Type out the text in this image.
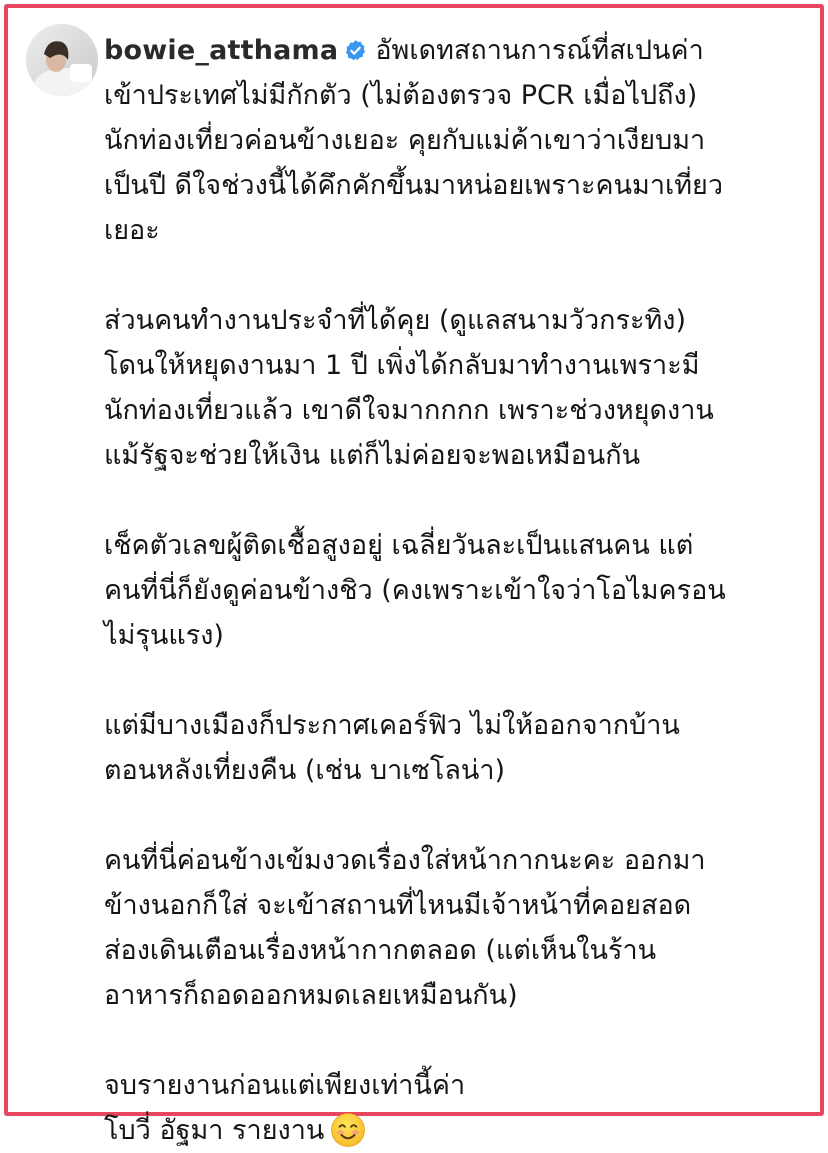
bowie_atthama อัพเดทสถานการณ์ที่สเปนค่า

เข้าประเทศไม่มีกักตัว (ไม่ต้องตรวจ PCR เมื่อไปถึง)

นักท่องเที่ยวค่อนข้างเยอะ คุยกับแม่ค้าเขาว่าเงียบมา

เป็นปี ดีใจช่วงนี้ได้คึกคักขึ้นมาหน่อยเพราะคนมาเที่ยว

เยอะ

ส่วนคนทำงานประจำที่ได้คุย (ดูแลสนามวัวกระทิง)

โดนให้หยุดงานมา 1 ปี เพิ่งได้กลับมาทำงานเพราะมี

นักท่องเที่ยวแล้ว เขาดีใจมากกกก เพราะช่วงหยุดงาน

แม้รัฐจะช่วยให้เงิน แต่ก็ไม่ค่อยจะพอเหมือนกัน

เช็คตัวเลขผู้ติดเชื้อสูงอยู่ เฉลี่ยวันละเป็นแสนคน แต่

คนที่นี่ก็ยังดูค่อนข้างชิว (คงเพราะเข้าใจว่าโอไมครอน

ไม่รุนแรง)

แต่มีบางเมืองก็ประกาศเคอร์ฟิว ไม่ให้ออกจากบ้าน

ตอนหลังเที่ยงคืน (เช่น บาเซโลน่า)

คนที่นี่ค่อนข้างเข้มงวดเรื่องใส่หน้ากากนะคะ ออกมา

ข้างนอกก็ใส่ จะเข้าสถานที่ไหนมีเจ้าหน้าที่คอยสอด

ส่องเดินเตือนเรื่องหน้ากากตลอด (แต่เห็นในร้าน

อาหารก็ถอดออกหมดเลยเหมือนกัน)

จบรายงานก่อนแต่เพียงเท่านี้ค่า

โบวี่ อัฐมา รายงาน
